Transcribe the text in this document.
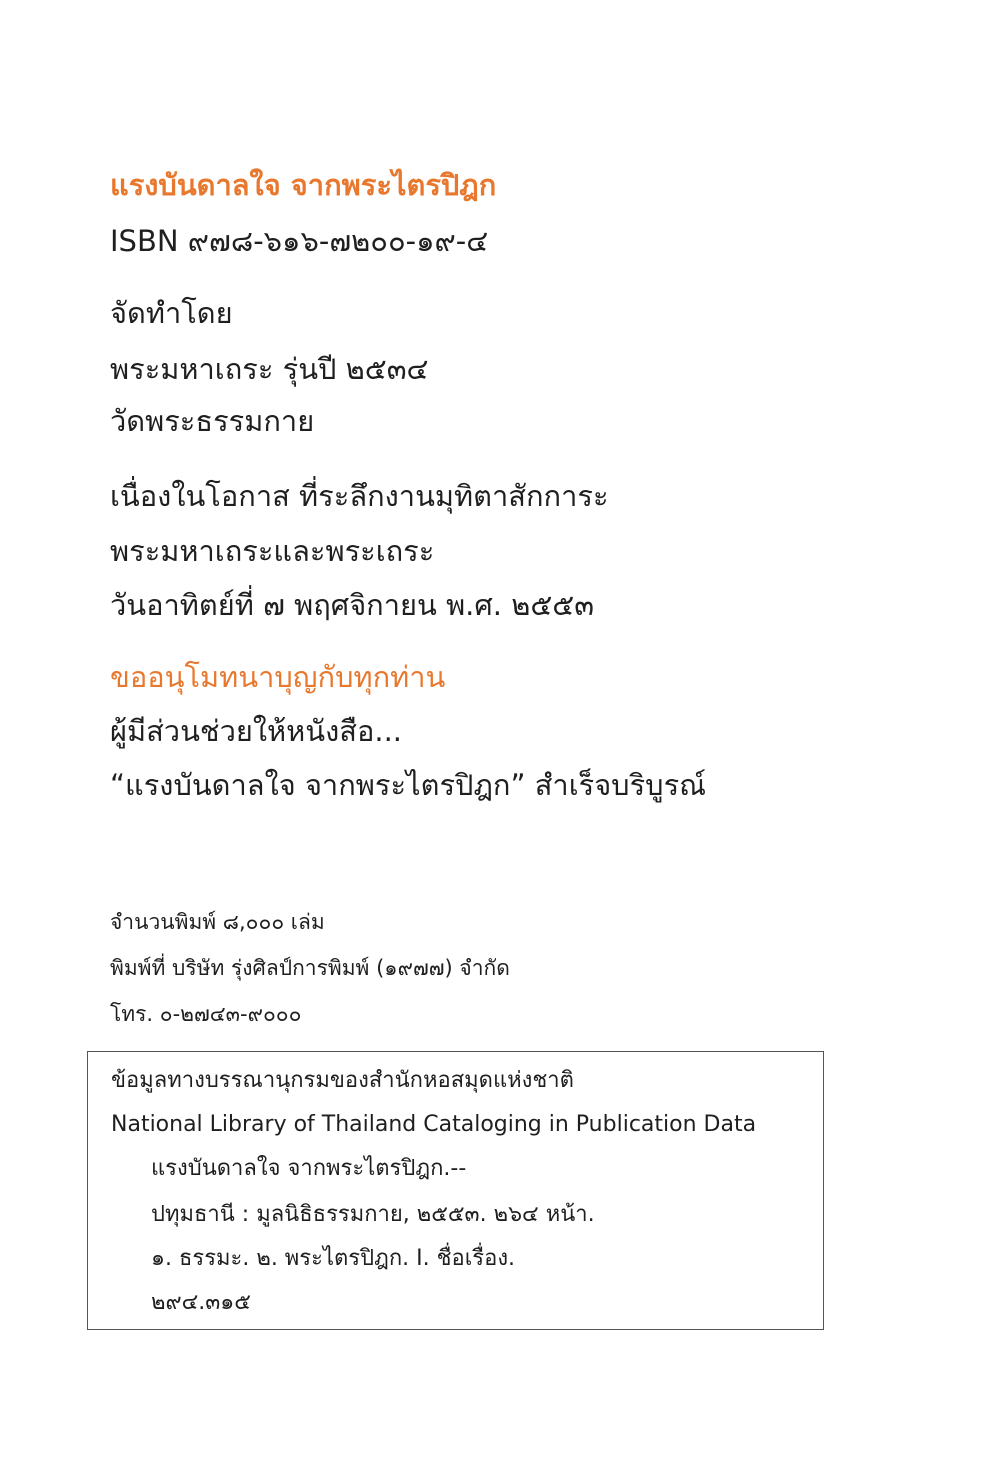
แรงบันดาลใจ จากพระไตรปิฎก

ISBN ๙๗๘-๖๑๖-๗๒๐๐-๑๙-๔

จัดทำโดย

พระมหาเถระ รุ่นปี ๒๕๓๔

วัดพระธรรมกาย

เนื่องในโอกาส ที่ระลึกงานมุทิตาสักการะ

พระมหาเถระและพระเถระ

วันอาทิตย์ที่ ๗ พฤศจิกายน พ.ศ. ๒๕๕๓

ขออนุโมทนาบุญกับทุกท่าน

ผู้มีส่วนช่วยให้หนังสือ...

“แรงบันดาลใจ จากพระไตรปิฎก” สำเร็จบริบูรณ์

จำนวนพิมพ์ ๘,๐๐๐ เล่ม

พิมพ์ที่ บริษัท รุ่งศิลป์การพิมพ์ (๑๙๗๗) จำกัด

โทร. ๐-๒๗๔๓-๙๐๐๐

ข้อมูลทางบรรณานุกรมของสำนักหอสมุดแห่งชาติ

National Library of Thailand Cataloging in Publication Data

แรงบันดาลใจ จากพระไตรปิฎก.--

ปทุมธานี : มูลนิธิธรรมกาย, ๒๕๕๓. ๒๖๔ หน้า.

๑. ธรรมะ. ๒. พระไตรปิฎก. I. ชื่อเรื่อง.

๒๙๔.๓๑๕
